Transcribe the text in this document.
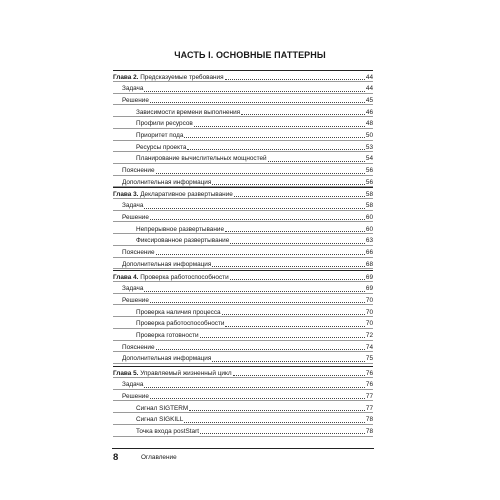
ЧАСТЬ I. ОСНОВНЫЕ ПАТТЕРНЫ
Глава 2. Предсказуемые требования	44
Задача	44
Решение	45
Зависимости времени выполнения	46
Профили ресурсов	48
Приоритет пода	50
Ресурсы проекта	53
Планирование вычислительных мощностей	54
Пояснение	56
Дополнительная информация	56
Глава 3. Декларативное развертывание	58
Задача	58
Решение	60
Непрерывное развертывание	60
Фиксированное развертывание	63
Пояснение	66
Дополнительная информация	68
Глава 4. Проверка работоспособности	69
Задача	69
Решение	70
Проверка наличия процесса	70
Проверка работоспособности	70
Проверка готовности	72
Пояснение	74
Дополнительная информация	75
Глава 5. Управляемый жизненный цикл	76
Задача	76
Решение	77
Сигнал SIGTERM	77
Сигнал SIGKILL	78
Точка входа postStart	78
8	Оглавление
